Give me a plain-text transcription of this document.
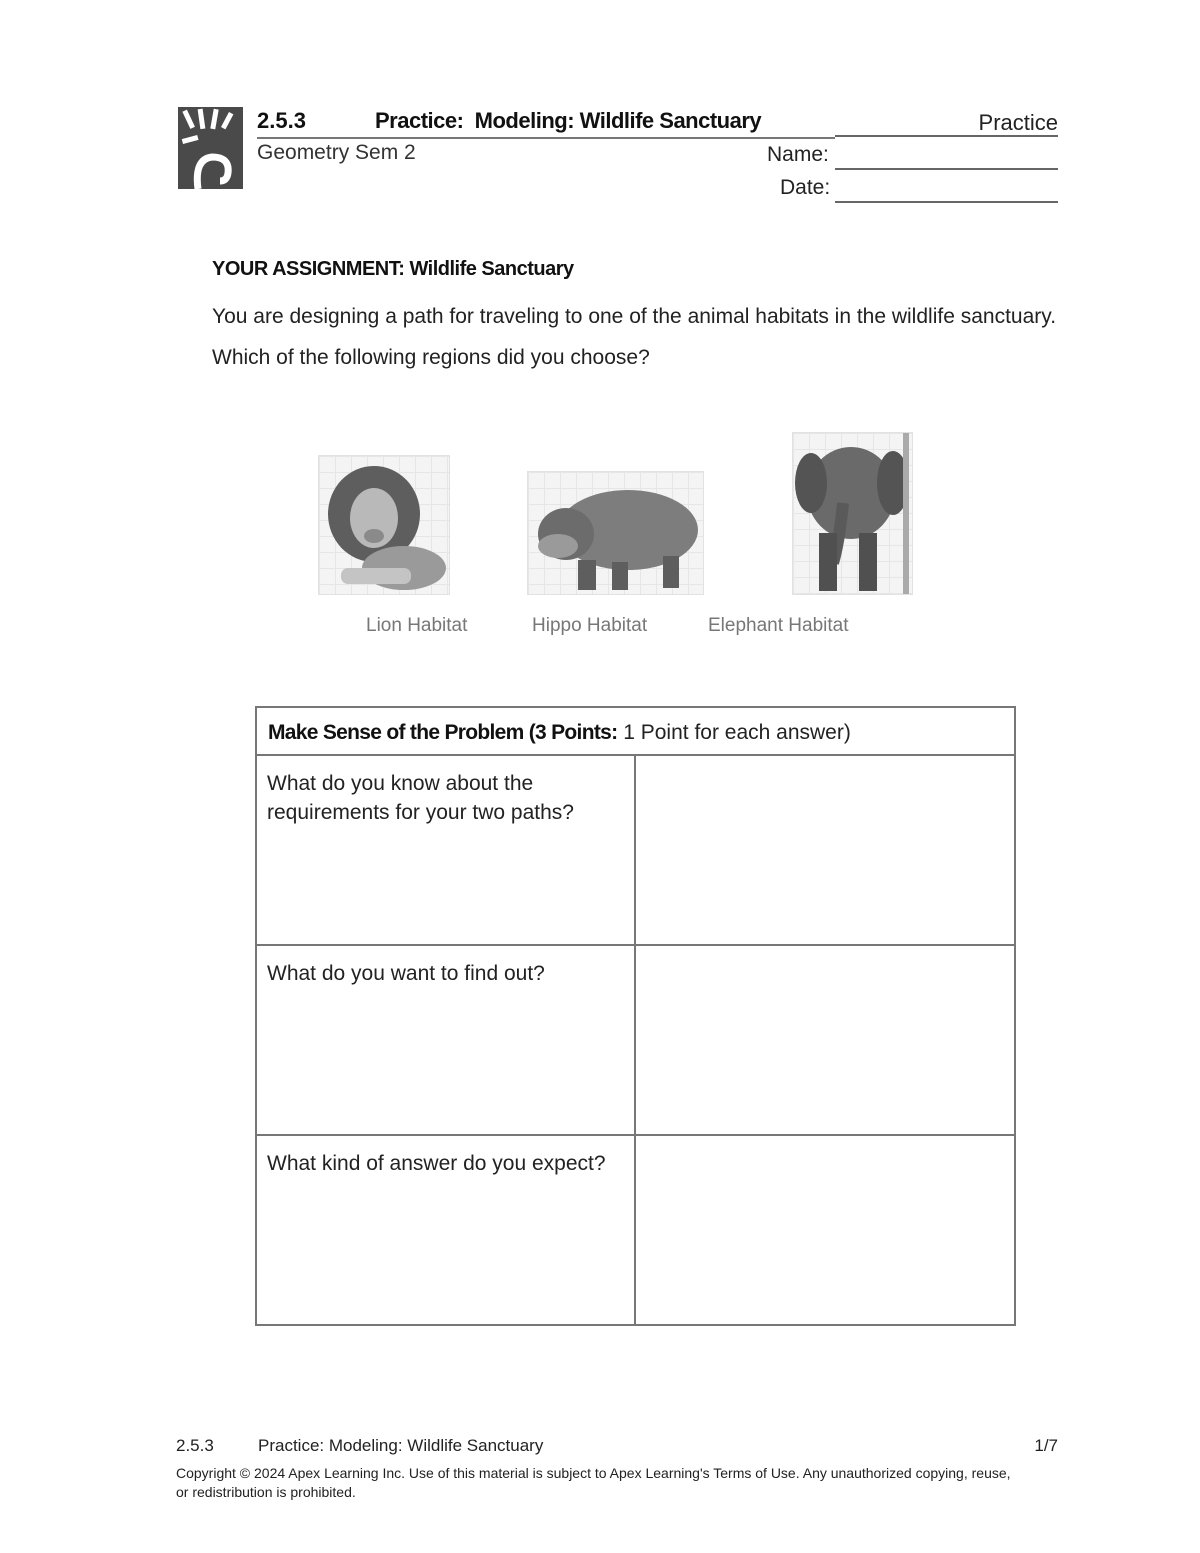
2.5.3	Practice:  Modeling: Wildlife Sanctuary	Practice
Geometry Sem 2	Name:
Date:
YOUR ASSIGNMENT: Wildlife Sanctuary
You are designing a path for traveling to one of the animal habitats in the wildlife sanctuary. Which of the following regions did you choose?
Lion Habitat	Hippo Habitat	Elephant Habitat
Make Sense of the Problem (3 Points: 1 Point for each answer)
What do you know about the requirements for your two paths?
What do you want to find out?
What kind of answer do you expect?
2.5.3	Practice: Modeling: Wildlife Sanctuary	1/7
Copyright © 2024 Apex Learning Inc. Use of this material is subject to Apex Learning's Terms of Use. Any unauthorized copying, reuse, or redistribution is prohibited.
